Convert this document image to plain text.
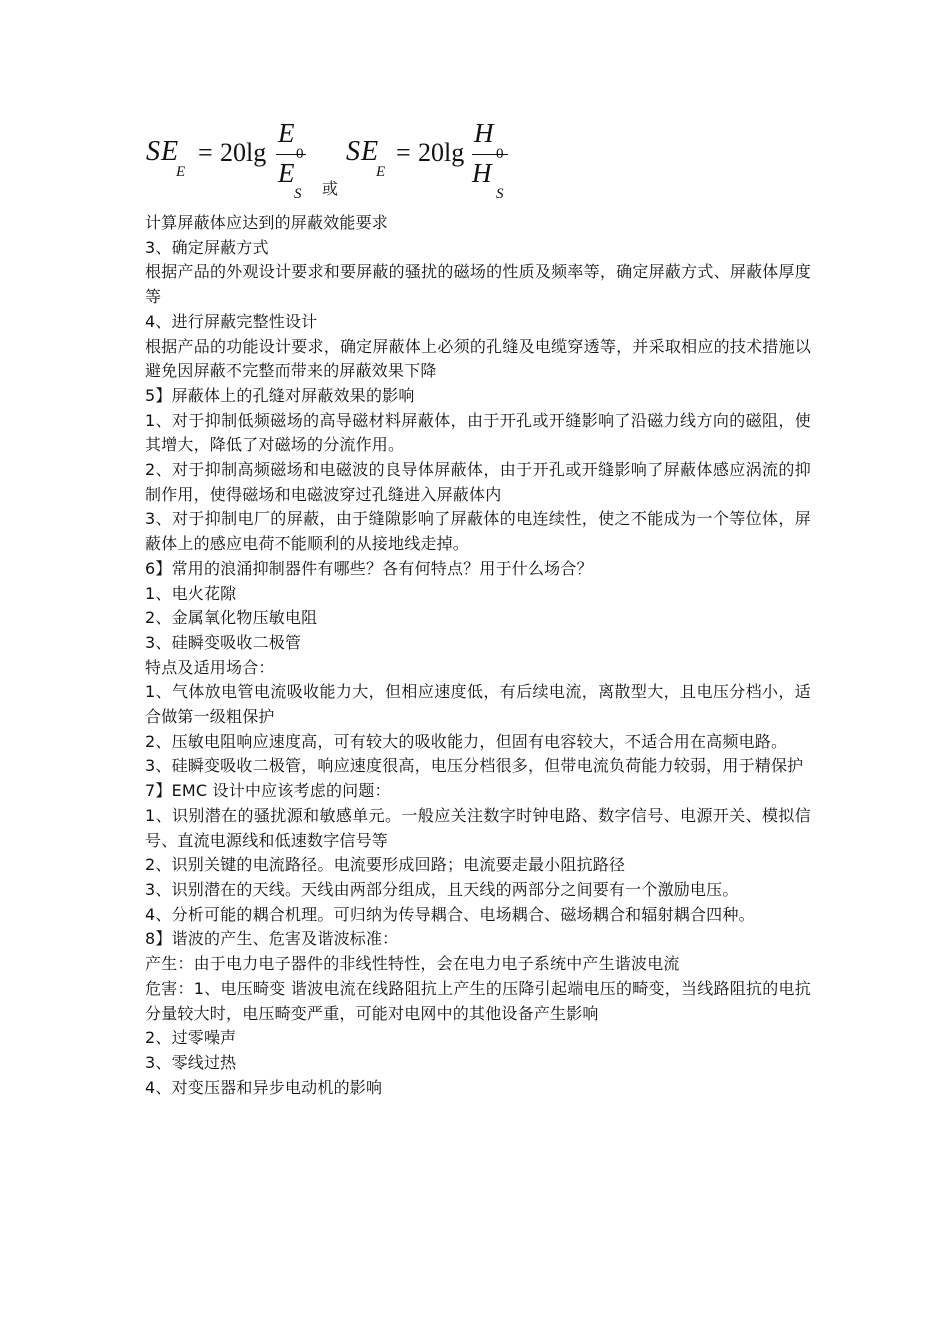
SE
E
= 20lg
E
0
E
S 或
SE
E
= 20lg
H
0
H
S

计算屏蔽体应达到的屏蔽效能要求

3、确定屏蔽方式

根据产品的外观设计要求和要屏蔽的骚扰的磁场的性质及频率等，确定屏蔽方式、屏蔽体厚度等

4、进行屏蔽完整性设计

根据产品的功能设计要求，确定屏蔽体上必须的孔缝及电缆穿透等，并采取相应的技术措施以避免因屏蔽不完整而带来的屏蔽效果下降

5】屏蔽体上的孔缝对屏蔽效果的影响

1、对于抑制低频磁场的高导磁材料屏蔽体，由于开孔或开缝影响了沿磁力线方向的磁阻，使其增大，降低了对磁场的分流作用。

2、对于抑制高频磁场和电磁波的良导体屏蔽体，由于开孔或开缝影响了屏蔽体感应涡流的抑制作用，使得磁场和电磁波穿过孔缝进入屏蔽体内

3、对于抑制电厂的屏蔽，由于缝隙影响了屏蔽体的电连续性，使之不能成为一个等位体，屏蔽体上的感应电荷不能顺利的从接地线走掉。

6】常用的浪涌抑制器件有哪些？各有何特点？用于什么场合？

1、电火花隙

2、金属氧化物压敏电阻

3、硅瞬变吸收二极管

特点及适用场合：

1、气体放电管电流吸收能力大，但相应速度低，有后续电流，离散型大，且电压分档小，适合做第一级粗保护

2、压敏电阻响应速度高，可有较大的吸收能力，但固有电容较大，不适合用在高频电路。

3、硅瞬变吸收二极管，响应速度很高，电压分档很多，但带电流负荷能力较弱，用于精保护

7】EMC 设计中应该考虑的问题：

1、识别潜在的骚扰源和敏感单元。一般应关注数字时钟电路、数字信号、电源开关、模拟信号、直流电源线和低速数字信号等

2、识别关键的电流路径。电流要形成回路；电流要走最小阻抗路径

3、识别潜在的天线。天线由两部分组成，且天线的两部分之间要有一个激励电压。

4、分析可能的耦合机理。可归纳为传导耦合、电场耦合、磁场耦合和辐射耦合四种。

8】谐波的产生、危害及谐波标准：

产生：由于电力电子器件的非线性特性，会在电力电子系统中产生谐波电流

危害：1、电压畸变 谐波电流在线路阻抗上产生的压降引起端电压的畸变，当线路阻抗的电抗分量较大时，电压畸变严重，可能对电网中的其他设备产生影响

2、过零噪声

3、零线过热

4、对变压器和异步电动机的影响
